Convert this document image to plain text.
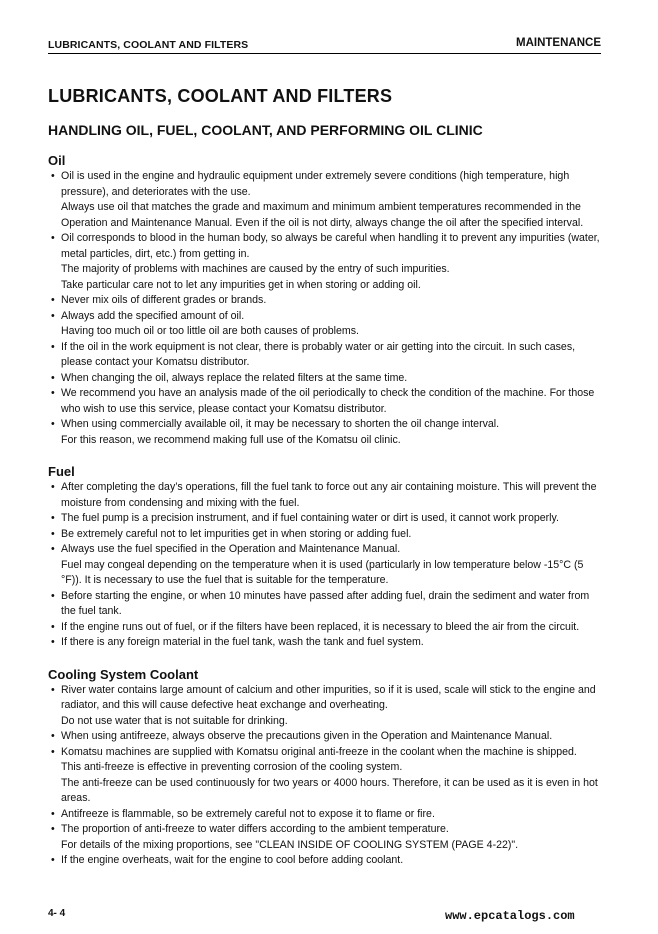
LUBRICANTS, COOLANT AND FILTERS	MAINTENANCE
LUBRICANTS, COOLANT AND FILTERS
HANDLING OIL, FUEL, COOLANT, AND PERFORMING OIL CLINIC
Oil
• Oil is used in the engine and hydraulic equipment under extremely severe conditions (high temperature, high pressure), and deteriorates with the use.
Always use oil that matches the grade and maximum and minimum ambient temperatures recommended in the Operation and Maintenance Manual. Even if the oil is not dirty, always change the oil after the specified interval.
• Oil corresponds to blood in the human body, so always be careful when handling it to prevent any impurities (water, metal particles, dirt, etc.) from getting in.
The majority of problems with machines are caused by the entry of such impurities.
Take particular care not to let any impurities get in when storing or adding oil.
• Never mix oils of different grades or brands.
• Always add the specified amount of oil.
Having too much oil or too little oil are both causes of problems.
• If the oil in the work equipment is not clear, there is probably water or air getting into the circuit. In such cases, please contact your Komatsu distributor.
• When changing the oil, always replace the related filters at the same time.
• We recommend you have an analysis made of the oil periodically to check the condition of the machine. For those who wish to use this service, please contact your Komatsu distributor.
• When using commercially available oil, it may be necessary to shorten the oil change interval.
For this reason, we recommend making full use of the Komatsu oil clinic.
Fuel
• After completing the day’s operations, fill the fuel tank to force out any air containing moisture. This will prevent the moisture from condensing and mixing with the fuel.
• The fuel pump is a precision instrument, and if fuel containing water or dirt is used, it cannot work properly.
• Be extremely careful not to let impurities get in when storing or adding fuel.
• Always use the fuel specified in the Operation and Maintenance Manual.
Fuel may congeal depending on the temperature when it is used (particularly in low temperature below -15°C (5 °F)). It is necessary to use the fuel that is suitable for the temperature.
• Before starting the engine, or when 10 minutes have passed after adding fuel, drain the sediment and water from the fuel tank.
• If the engine runs out of fuel, or if the filters have been replaced, it is necessary to bleed the air from the circuit.
• If there is any foreign material in the fuel tank, wash the tank and fuel system.
Cooling System Coolant
• River water contains large amount of calcium and other impurities, so if it is used, scale will stick to the engine and radiator, and this will cause defective heat exchange and overheating.
Do not use water that is not suitable for drinking.
• When using antifreeze, always observe the precautions given in the Operation and Maintenance Manual.
• Komatsu machines are supplied with Komatsu original anti-freeze in the coolant when the machine is shipped.
This anti-freeze is effective in preventing corrosion of the cooling system.
The anti-freeze can be used continuously for two years or 4000 hours. Therefore, it can be used as it is even in hot areas.
• Antifreeze is flammable, so be extremely careful not to expose it to flame or fire.
• The proportion of anti-freeze to water differs according to the ambient temperature.
For details of the mixing proportions, see "CLEAN INSIDE OF COOLING SYSTEM (PAGE 4-22)".
• If the engine overheats, wait for the engine to cool before adding coolant.
4- 4	www.epcatalogs.com
